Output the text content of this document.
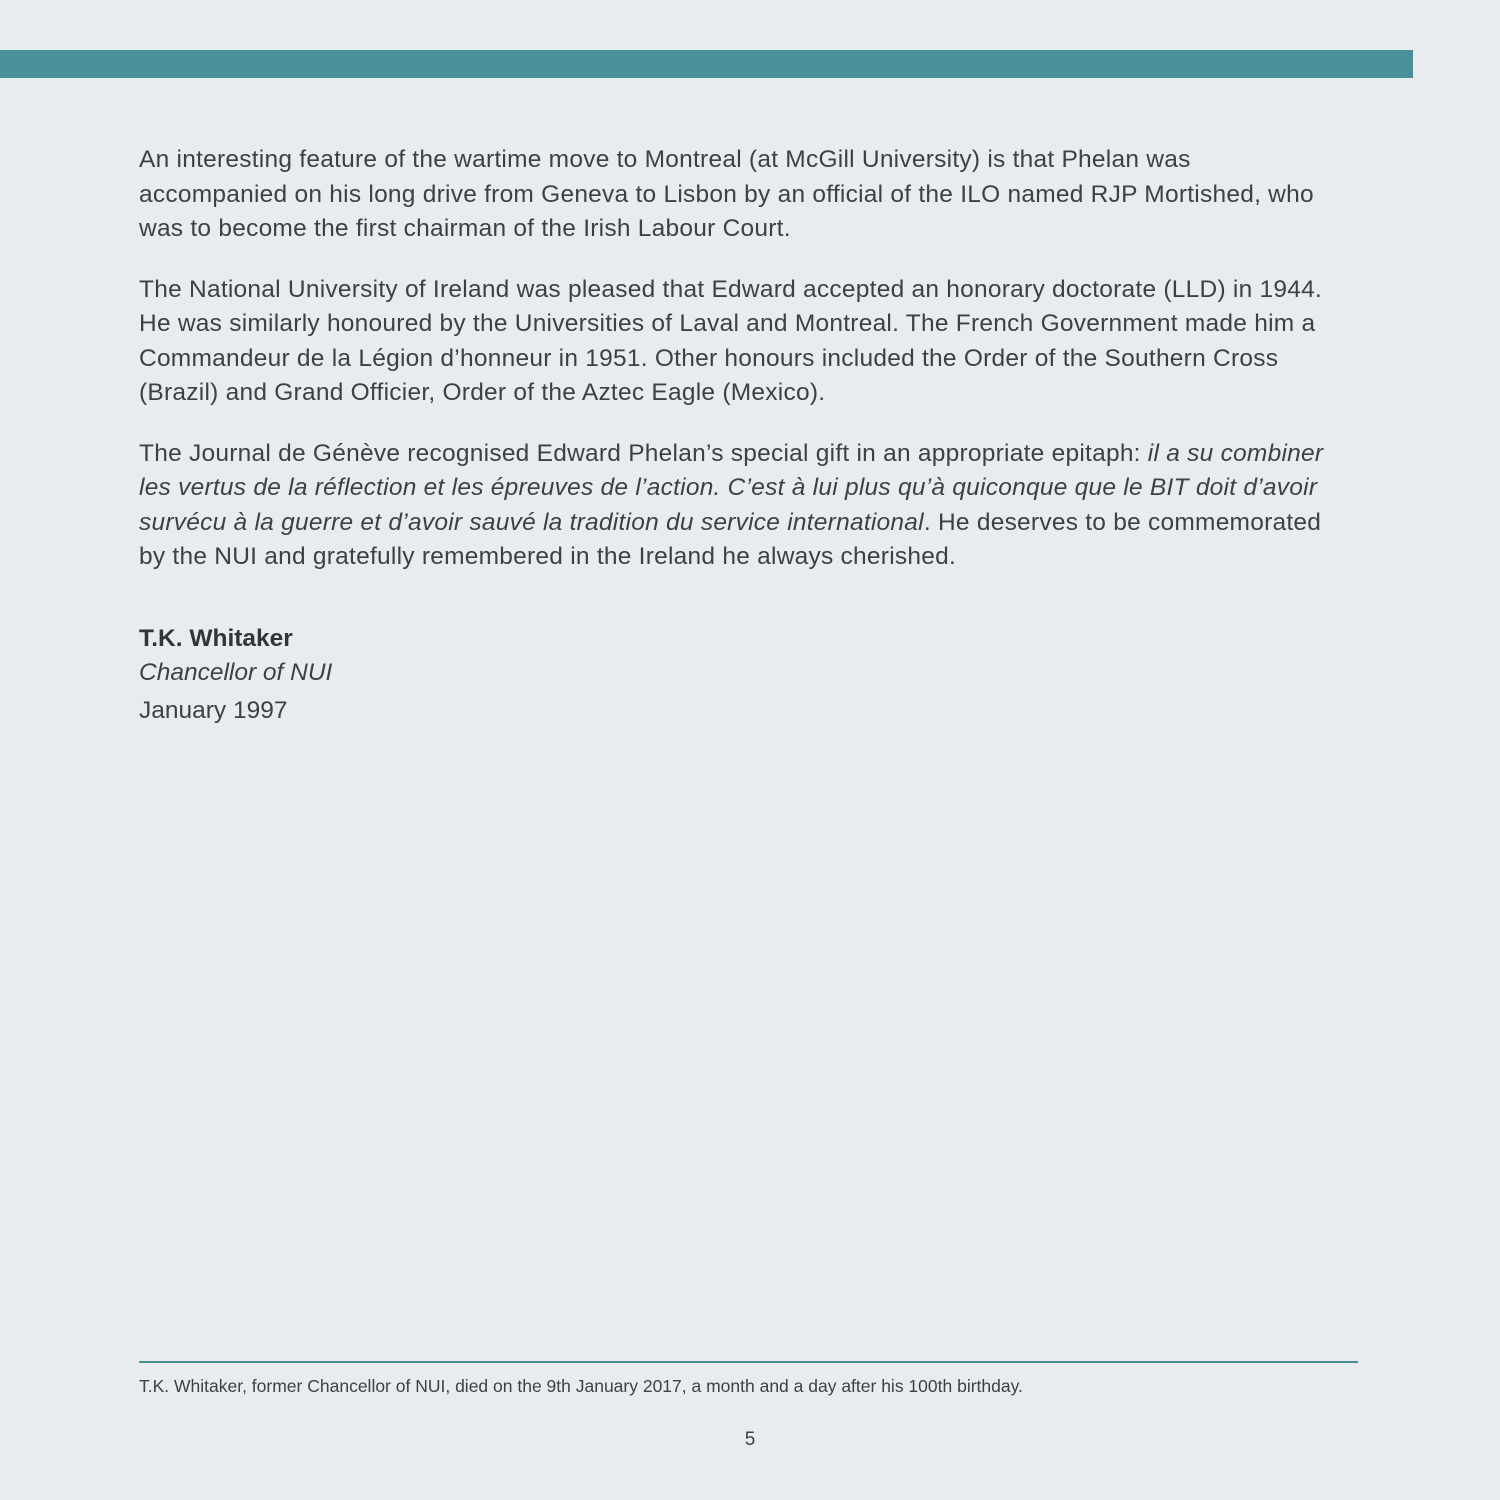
An interesting feature of the wartime move to Montreal (at McGill University) is that Phelan was accompanied on his long drive from Geneva to Lisbon by an official of the ILO named RJP Mortished, who was to become the first chairman of the Irish Labour Court.

The National University of Ireland was pleased that Edward accepted an honorary doctorate (LLD) in 1944. He was similarly honoured by the Universities of Laval and Montreal. The French Government made him a Commandeur de la Légion d’honneur in 1951. Other honours included the Order of the Southern Cross (Brazil) and Grand Officier, Order of the Aztec Eagle (Mexico).

The Journal de Génève recognised Edward Phelan’s special gift in an appropriate epitaph: il a su combiner les vertus de la réflection et les épreuves de l’action. C’est à lui plus qu’à quiconque que le BIT doit d’avoir survécu à la guerre et d’avoir sauvé la tradition du service international. He deserves to be commemorated by the NUI and gratefully remembered in the Ireland he always cherished.

T.K. Whitaker

Chancellor of NUI

January 1997

T.K. Whitaker, former Chancellor of NUI, died on the 9th January 2017, a month and a day after his 100th birthday.

5
